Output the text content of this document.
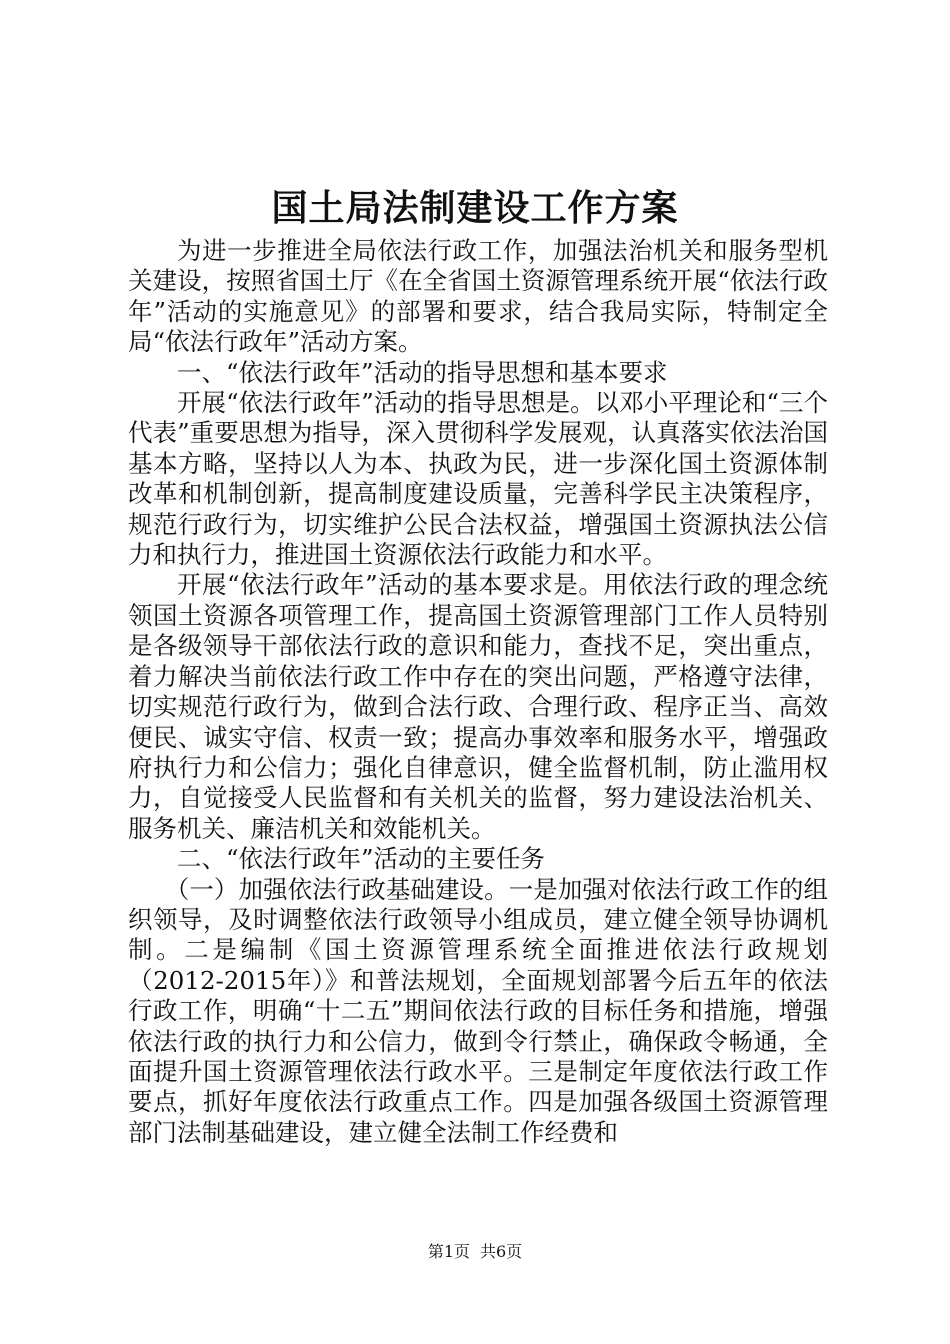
国土局法制建设工作方案

为进一步推进全局依法行政工作，加强法治机关和服务型机关建设，按照省国土厅《在全省国土资源管理系统开展“依法行政年”活动的实施意见》的部署和要求，结合我局实际，特制定全局“依法行政年”活动方案。

一、“依法行政年”活动的指导思想和基本要求

开展“依法行政年”活动的指导思想是。以邓小平理论和“三个代表”重要思想为指导，深入贯彻科学发展观，认真落实依法治国基本方略，坚持以人为本、执政为民，进一步深化国土资源体制改革和机制创新，提高制度建设质量，完善科学民主决策程序，规范行政行为，切实维护公民合法权益，增强国土资源执法公信力和执行力，推进国土资源依法行政能力和水平。

开展“依法行政年”活动的基本要求是。用依法行政的理念统领国土资源各项管理工作，提高国土资源管理部门工作人员特别是各级领导干部依法行政的意识和能力，查找不足，突出重点，着力解决当前依法行政工作中存在的突出问题，严格遵守法律，切实规范行政行为，做到合法行政、合理行政、程序正当、高效便民、诚实守信、权责一致；提高办事效率和服务水平，增强政府执行力和公信力；强化自律意识，健全监督机制，防止滥用权力，自觉接受人民监督和有关机关的监督，努力建设法治机关、服务机关、廉洁机关和效能机关。

二、“依法行政年”活动的主要任务

（一）加强依法行政基础建设。一是加强对依法行政工作的组织领导，及时调整依法行政领导小组成员，建立健全领导协调机制。二是编制《国土资源管理系统全面推进依法行政规划（2012-2015年）》和普法规划，全面规划部署今后五年的依法行政工作，明确“十二五”期间依法行政的目标任务和措施，增强依法行政的执行力和公信力，做到令行禁止，确保政令畅通，全面提升国土资源管理依法行政水平。三是制定年度依法行政工作要点，抓好年度依法行政重点工作。四是加强各级国土资源管理部门法制基础建设，建立健全法制工作经费和

第1页 共6页
